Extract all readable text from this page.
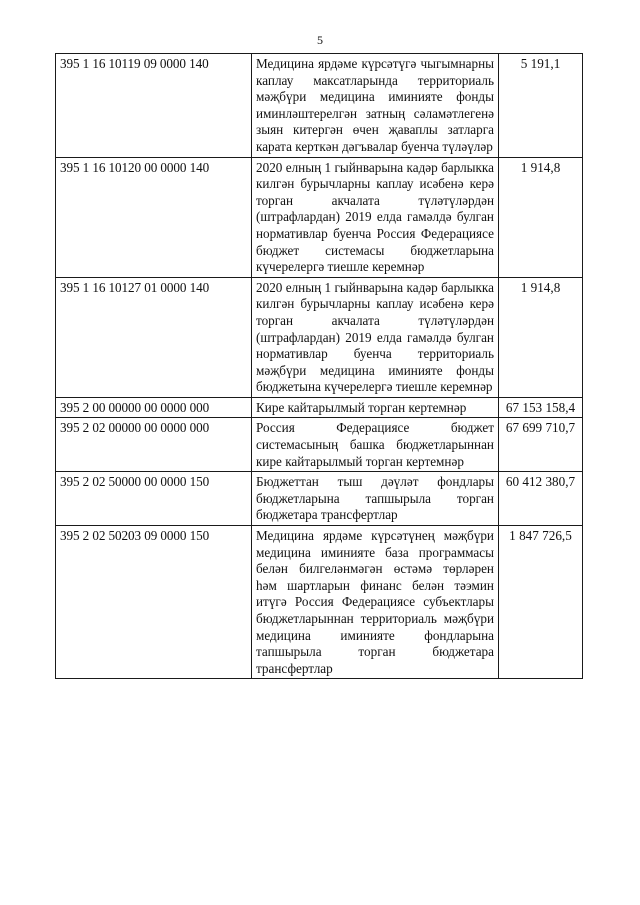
5
395 1 16 10119 09 0000 140	Медицина ярдәме күрсәтүгә чыгымнарны каплау максатларында территориаль мәҗбүри медицина иминияте фонды иминләштерелгән затның сәламәтлегенә зыян китергән өчен җаваплы затларга карата керткән дәгъвалар буенча түләүләр	5 191,1
395 1 16 10120 00 0000 140	2020 елның 1 гыйнварына кадәр барлыкка килгән бурычларны каплау исәбенә керә торган акчалата түләтүләрдән (штрафлардан) 2019 елда гамәлдә булган нормативлар буенча Россия Федерациясе бюджет системасы бюджетларына күчерелергә тиешле керемнәр	1 914,8
395 1 16 10127 01 0000 140	2020 елның 1 гыйнварына кадәр барлыкка килгән бурычларны каплау исәбенә керә торган акчалата түләтүләрдән (штрафлардан) 2019 елда гамәлдә булган нормативлар буенча территориаль мәҗбүри медицина иминияте фонды бюджетына күчерелергә тиешле керемнәр	1 914,8
395 2 00 00000 00 0000 000	Кире кайтарылмый торган кертемнәр	67 153 158,4
395 2 02 00000 00 0000 000	Россия Федерациясе бюджет системасының башка бюджетларыннан кире кайтарылмый торган кертемнәр	67 699 710,7
395 2 02 50000 00 0000 150	Бюджеттан тыш дәүләт фондлары бюджетларына тапшырыла торган бюджетара трансфертлар	60 412 380,7
395 2 02 50203 09 0000 150	Медицина ярдәме күрсәтүнең мәҗбүри медицина иминияте база программасы белән билгеләнмәгән өстәмә төрләрен һәм шартларын финанс белән тәэмин итүгә Россия Федерациясе субъектлары бюджетларыннан территориаль мәҗбүри медицина иминияте фондларына тапшырыла торган бюджетара трансфертлар	1 847 726,5
